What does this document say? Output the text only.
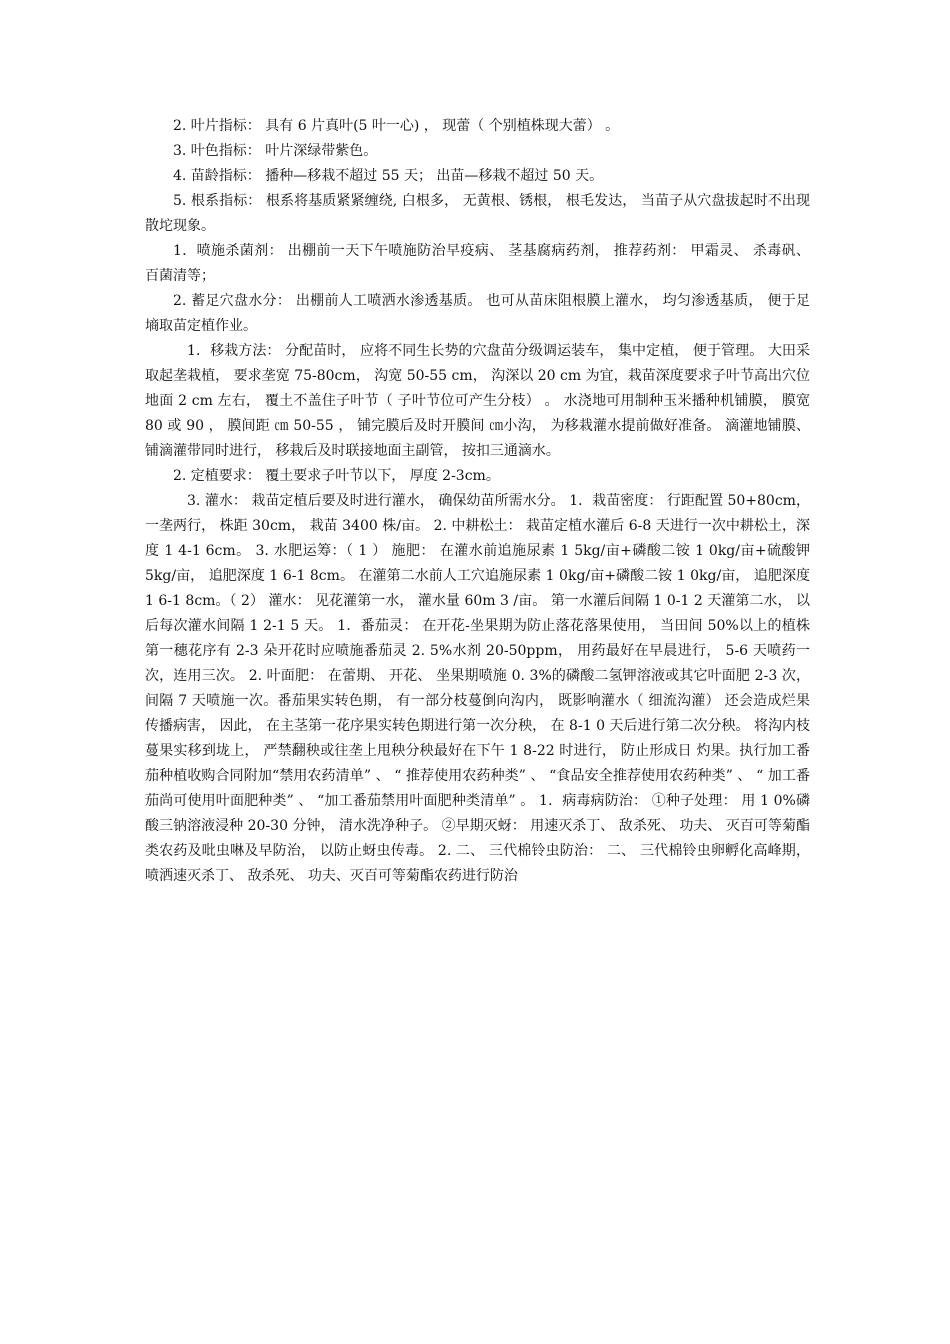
2. 叶片指标： 具有 6 片真叶(5 叶一心) ， 现蕾（ 个别植株现大蕾） 。

3. 叶色指标： 叶片深绿带紫色。

4. 苗龄指标： 播种—移栽不超过 55 天； 出苗—移栽不超过 50 天。

5. 根系指标： 根系将基质紧紧缠绕, 白根多， 无黄根、锈根， 根毛发达， 当苗子从穴盘拔起时不出现散坨现象。

1．喷施杀菌剂： 出棚前一天下午喷施防治早疫病、 茎基腐病药剂， 推荐药剂： 甲霜灵、 杀毒矾、 百菌清等；

2. 蓄足穴盘水分： 出棚前人工喷洒水渗透基质。 也可从苗床阻根膜上灌水， 均匀渗透基质， 便于足墒取苗定植作业。

1．移栽方法： 分配苗时， 应将不同生长势的穴盘苗分级调运装车， 集中定植， 便于管理。 大田采取起垄栽植， 要求垄宽 75-80cm， 沟宽 50-55 cm， 沟深以 20 cm 为宜，栽苗深度要求子叶节高出穴位地面 2 cm 左右， 覆土不盖住子叶节（ 子叶节位可产生分枝） 。 水浇地可用制种玉米播种机铺膜， 膜宽 80 或 90 ， 膜间距 ㎝ 50-55 ， 铺完膜后及时开膜间 ㎝小沟， 为移栽灌水提前做好准备。 滴灌地铺膜、 铺滴灌带同时进行， 移栽后及时联接地面主副管， 按扣三通滴水。

2. 定植要求： 覆土要求子叶节以下， 厚度 2-3cm。

3. 灌水： 栽苗定植后要及时进行灌水， 确保幼苗所需水分。 1．栽苗密度： 行距配置 50+80cm， 一垄两行， 株距 30cm， 栽苗 3400 株/亩。 2. 中耕松土： 栽苗定植水灌后 6-8 天进行一次中耕松土，深度 1 4-1 6cm。 3. 水肥运筹：（ 1 ） 施肥： 在灌水前追施尿素 1 5kg/亩+磷酸二铵 1 0kg/亩+硫酸钾 5kg/亩， 追肥深度 1 6-1 8cm。 在灌第二水前人工穴追施尿素 1 0kg/亩+磷酸二铵 1 0kg/亩， 追肥深度 1 6-1 8cm。（ 2） 灌水： 见花灌第一水， 灌水量 60m 3 /亩。 第一水灌后间隔 1 0-1 2 天灌第二水， 以后每次灌水间隔 1 2-1 5 天。 1．番茄灵： 在开花-坐果期为防止落花落果使用， 当田间 50%以上的植株第一穗花序有 2-3 朵开花时应喷施番茄灵 2. 5%水剂 20-50ppm， 用药最好在早晨进行， 5-6 天喷药一次，连用三次。 2. 叶面肥： 在蕾期、 开花、 坐果期喷施 0. 3%的磷酸二氢钾溶液或其它叶面肥 2-3 次， 间隔 7 天喷施一次。番茄果实转色期， 有一部分枝蔓倒向沟内， 既影响灌水（ 细流沟灌） 还会造成烂果传播病害， 因此， 在主茎第一花序果实转色期进行第一次分秧， 在 8-1 0 天后进行第二次分秧。 将沟内枝蔓果实移到垅上， 严禁翻秧或往垄上甩秧分秧最好在下午 1 8-22 时进行， 防止形成日 灼果。执行加工番茄种植收购合同附加“禁用农药清单” 、 “ 推荐使用农药种类” 、 “食品安全推荐使用农药种类” 、 “ 加工番茄尚可使用叶面肥种类” 、 “加工番茄禁用叶面肥种类清单” 。 1．病毒病防治： ①种子处理： 用 1 0%磷酸三钠溶液浸种 20-30 分钟， 清水洗净种子。 ②早期灭蚜： 用速灭杀丁、 敌杀死、 功夫、 灭百可等菊酯类农药及吡虫啉及早防治， 以防止蚜虫传毒。 2. 二、 三代棉铃虫防治： 二、 三代棉铃虫卵孵化高峰期，喷洒速灭杀丁、 敌杀死、 功夫、灭百可等菊酯农药进行防治
